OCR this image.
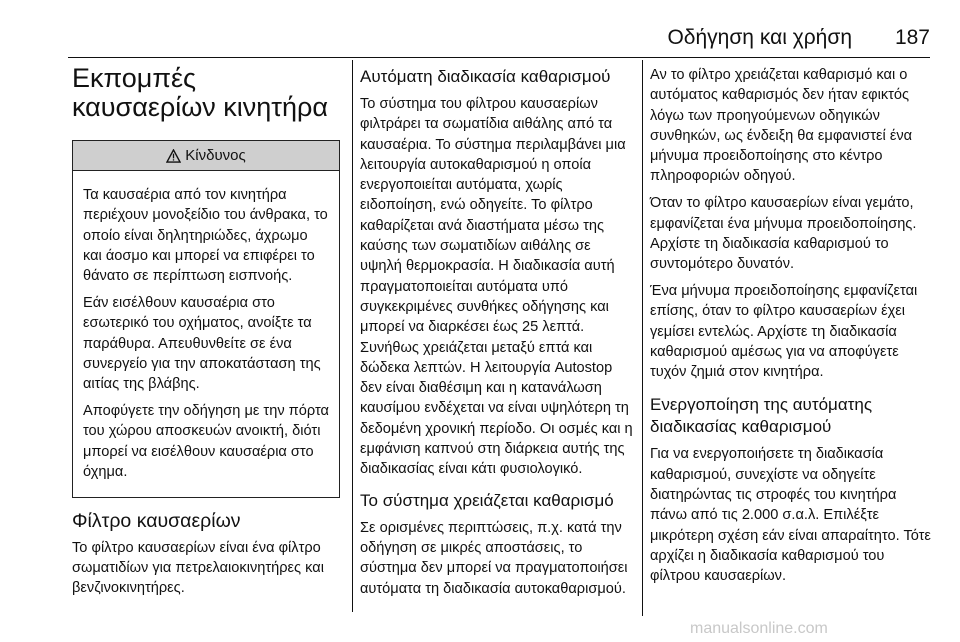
Οδήγηση και χρήση 187
Εκπομπές καυσαερίων κινητήρα
Κίνδυνος

Τα καυσαέρια από τον κινητήρα περιέχουν μονοξείδιο του άνθρακα, το οποίο είναι δηλητηριώδες, άχρωμο και άοσμο και μπορεί να επιφέρει το θάνατο σε περίπτωση εισπνοής.

Εάν εισέλθουν καυσαέρια στο εσωτερικό του οχήματος, ανοίξτε τα παράθυρα. Απευθυνθείτε σε ένα συνεργείο για την αποκατάσταση της αιτίας της βλάβης.

Αποφύγετε την οδήγηση με την πόρτα του χώρου αποσκευών ανοικτή, διότι μπορεί να εισέλθουν καυσαέρια στο όχημα.

Φίλτρο καυσαερίων

Το φίλτρο καυσαερίων είναι ένα φίλτρο σωματιδίων για πετρελαιοκινητήρες και βενζινοκινητήρες.

Αυτόματη διαδικασία καθαρισμού

Το σύστημα του φίλτρου καυσαερίων φιλτράρει τα σωματίδια αιθάλης από τα καυσαέρια. Το σύστημα περιλαμβάνει μια λειτουργία αυτοκαθαρισμού η οποία ενεργοποιείται αυτόματα, χωρίς ειδοποίηση, ενώ οδηγείτε. Το φίλτρο καθαρίζεται ανά διαστήματα μέσω της καύσης των σωματιδίων αιθάλης σε υψηλή θερμοκρασία. Η διαδικασία αυτή πραγματοποιείται αυτόματα υπό συγκεκριμένες συνθήκες οδήγησης και μπορεί να διαρκέσει έως 25 λεπτά. Συνήθως χρειάζεται μεταξύ επτά και δώδεκα λεπτών. Η λειτουργία Autostop δεν είναι διαθέσιμη και η κατανάλωση καυσίμου ενδέχεται να είναι υψηλότερη τη δεδομένη χρονική περίοδο. Οι οσμές και η εμφάνιση καπνού στη διάρκεια αυτής της διαδικασίας είναι κάτι φυσιολογικό.

Το σύστημα χρειάζεται καθαρισμό

Σε ορισμένες περιπτώσεις, π.χ. κατά την οδήγηση σε μικρές αποστάσεις, το σύστημα δεν μπορεί να πραγματοποιήσει αυτόματα τη διαδικασία αυτοκαθαρισμού.

Αν το φίλτρο χρειάζεται καθαρισμό και ο αυτόματος καθαρισμός δεν ήταν εφικτός λόγω των προηγούμενων οδηγικών συνθηκών, ως ένδειξη θα εμφανιστεί ένα μήνυμα προειδοποίησης στο κέντρο πληροφοριών οδηγού.

Όταν το φίλτρο καυσαερίων είναι γεμάτο, εμφανίζεται ένα μήνυμα προειδοποίησης. Αρχίστε τη διαδικασία καθαρισμού το συντομότερο δυνατόν.

Ένα μήνυμα προειδοποίησης εμφανίζεται επίσης, όταν το φίλτρο καυσαερίων έχει γεμίσει εντελώς. Αρχίστε τη διαδικασία καθαρισμού αμέσως για να αποφύγετε τυχόν ζημιά στον κινητήρα.

Ενεργοποίηση της αυτόματης διαδικασίας καθαρισμού

Για να ενεργοποιήσετε τη διαδικασία καθαρισμού, συνεχίστε να οδηγείτε διατηρώντας τις στροφές του κινητήρα πάνω από τις 2.000 σ.α.λ. Επιλέξτε μικρότερη σχέση εάν είναι απαραίτητο. Τότε αρχίζει η διαδικασία καθαρισμού του φίλτρου καυσαερίων.

manualsonline.com
